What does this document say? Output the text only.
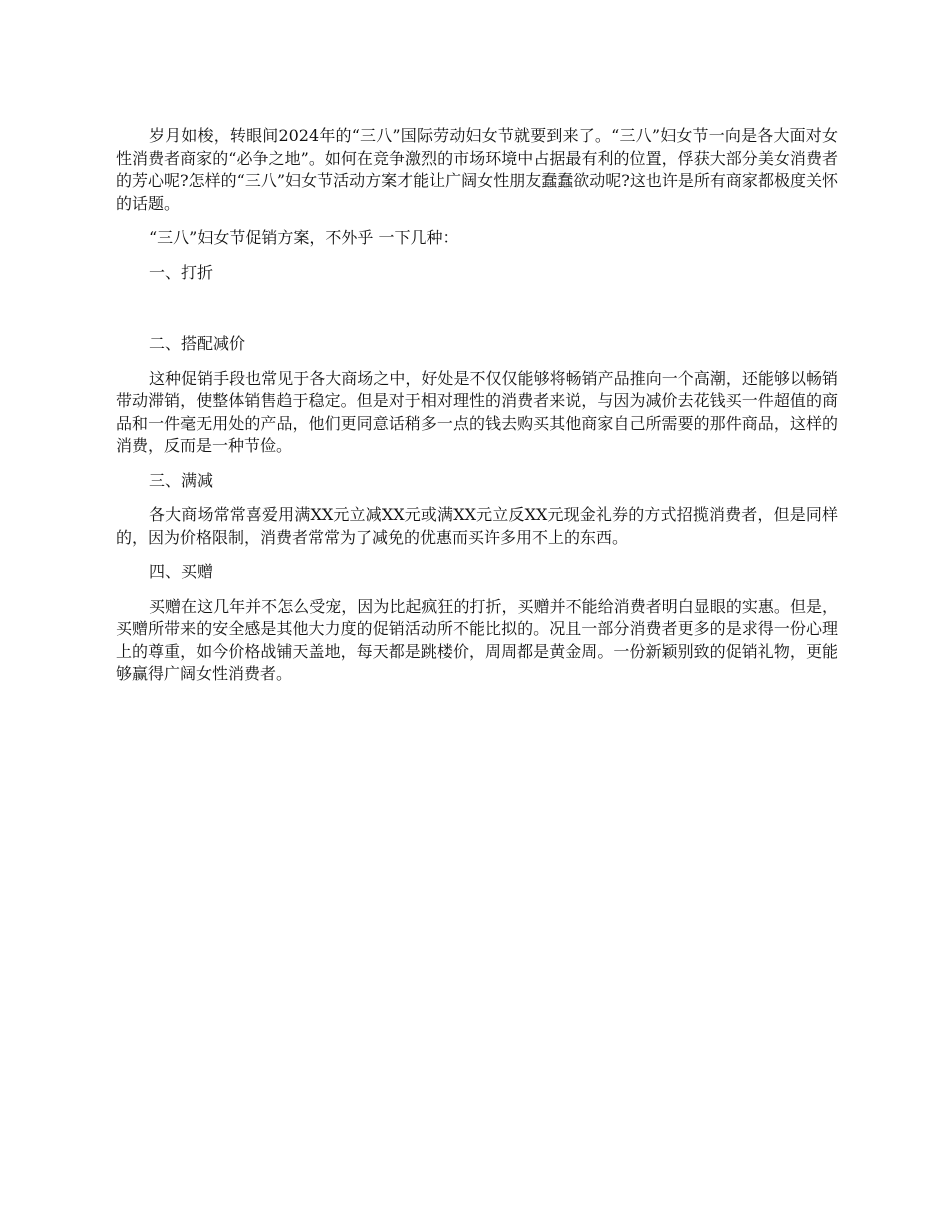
岁月如梭，转眼间2024年的“三八”国际劳动妇女节就要到来了。“三八”妇女节一向是各大面对女性消费者商家的“必争之地”。如何在竞争激烈的市场环境中占据最有利的位置，俘获大部分美女消费者的芳心呢?怎样的“三八”妇女节活动方案才能让广阔女性朋友蠢蠢欲动呢?这也许是所有商家都极度关怀的话题。

“三八”妇女节促销方案，不外乎 一下几种：

一、打折

二、搭配减价

这种促销手段也常见于各大商场之中，好处是不仅仅能够将畅销产品推向一个高潮，还能够以畅销带动滞销，使整体销售趋于稳定。但是对于相对理性的消费者来说，与因为减价去花钱买一件超值的商品和一件毫无用处的产品，他们更同意话稍多一点的钱去购买其他商家自己所需要的那件商品，这样的消费，反而是一种节俭。

三、满减

各大商场常常喜爱用满XX元立减XX元或满XX元立反XX元现金礼券的方式招揽消费者，但是同样的，因为价格限制，消费者常常为了减免的优惠而买许多用不上的东西。

四、买赠

买赠在这几年并不怎么受宠，因为比起疯狂的打折，买赠并不能给消费者明白显眼的实惠。但是，买赠所带来的安全感是其他大力度的促销活动所不能比拟的。况且一部分消费者更多的是求得一份心理上的尊重，如今价格战铺天盖地，每天都是跳楼价，周周都是黄金周。一份新颖别致的促销礼物，更能够赢得广阔女性消费者。
